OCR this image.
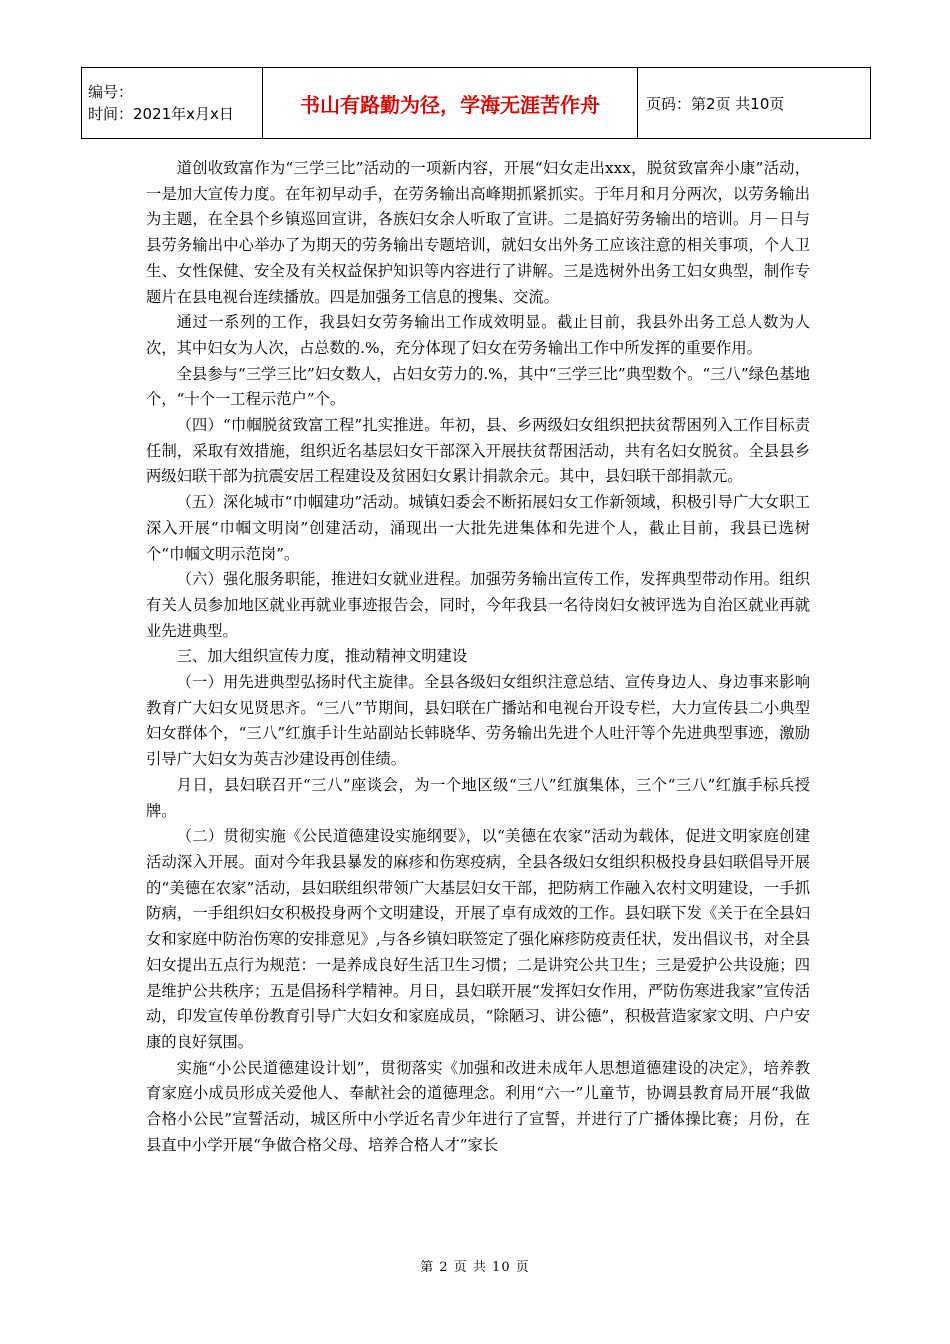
编号：
时间：2021年x月x日	书山有路勤为径，学海无涯苦作舟	页码：第2页 共10页

道创收致富作为“三学三比”活动的一项新内容，开展“妇女走出xxx，脱贫致富奔小康”活动，一是加大宣传力度。在年初早动手，在劳务输出高峰期抓紧抓实。于年月和月分两次，以劳务输出为主题，在全县个乡镇巡回宣讲，各族妇女余人听取了宣讲。二是搞好劳务输出的培训。月－日与县劳务输出中心举办了为期天的劳务输出专题培训，就妇女出外务工应该注意的相关事项，个人卫生、女性保健、安全及有关权益保护知识等内容进行了讲解。三是选树外出务工妇女典型，制作专题片在县电视台连续播放。四是加强务工信息的搜集、交流。

通过一系列的工作，我县妇女劳务输出工作成效明显。截止目前，我县外出务工总人数为人次，其中妇女为人次，占总数的.%，充分体现了妇女在劳务输出工作中所发挥的重要作用。

全县参与“三学三比”妇女数人，占妇女劳力的.%，其中“三学三比”典型数个。“三八”绿色基地个，“十个一工程示范户”个。

（四）“巾帼脱贫致富工程”扎实推进。年初，县、乡两级妇女组织把扶贫帮困列入工作目标责任制，采取有效措施，组织近名基层妇女干部深入开展扶贫帮困活动，共有名妇女脱贫。全县县乡两级妇联干部为抗震安居工程建设及贫困妇女累计捐款余元。其中，县妇联干部捐款元。

（五）深化城市“巾帼建功”活动。城镇妇委会不断拓展妇女工作新领域，积极引导广大女职工深入开展“巾帼文明岗”创建活动，涌现出一大批先进集体和先进个人，截止目前，我县已选树个“巾帼文明示范岗”。

（六）强化服务职能，推进妇女就业进程。加强劳务输出宣传工作，发挥典型带动作用。组织有关人员参加地区就业再就业事迹报告会，同时，今年我县一名待岗妇女被评选为自治区就业再就业先进典型。

三、加大组织宣传力度，推动精神文明建设

（一）用先进典型弘扬时代主旋律。全县各级妇女组织注意总结、宣传身边人、身边事来影响教育广大妇女见贤思齐。“三八”节期间，县妇联在广播站和电视台开设专栏，大力宣传县二小典型妇女群体个，“三八”红旗手计生站副站长韩晓华、劳务输出先进个人吐汗等个先进典型事迹，激励引导广大妇女为英吉沙建设再创佳绩。

月日，县妇联召开“三八”座谈会，为一个地区级“三八”红旗集体，三个“三八”红旗手标兵授牌。

（二）贯彻实施《公民道德建设实施纲要》，以“美德在农家”活动为载体，促进文明家庭创建活动深入开展。面对今年我县暴发的麻疹和伤寒疫病，全县各级妇女组织积极投身县妇联倡导开展的“美德在农家”活动，县妇联组织带领广大基层妇女干部，把防病工作融入农村文明建设，一手抓防病，一手组织妇女积极投身两个文明建设，开展了卓有成效的工作。县妇联下发《关于在全县妇女和家庭中防治伤寒的安排意见》,与各乡镇妇联签定了强化麻疹防疫责任状，发出倡议书，对全县妇女提出五点行为规范：一是养成良好生活卫生习惯；二是讲究公共卫生；三是爱护公共设施；四是维护公共秩序；五是倡扬科学精神。月日，县妇联开展“发挥妇女作用，严防伤寒进我家”宣传活动，印发宣传单份教育引导广大妇女和家庭成员，“除陋习、讲公德”，积极营造家家文明、户户安康的良好氛围。

实施“小公民道德建设计划”，贯彻落实《加强和改进未成年人思想道德建设的决定》，培养教育家庭小成员形成关爱他人、奉献社会的道德理念。利用“六一”儿童节，协调县教育局开展“我做合格小公民”宣誓活动，城区所中小学近名青少年进行了宣誓，并进行了广播体操比赛；月份，在县直中小学开展“争做合格父母、培养合格人才”家长

第 2 页 共 10 页
